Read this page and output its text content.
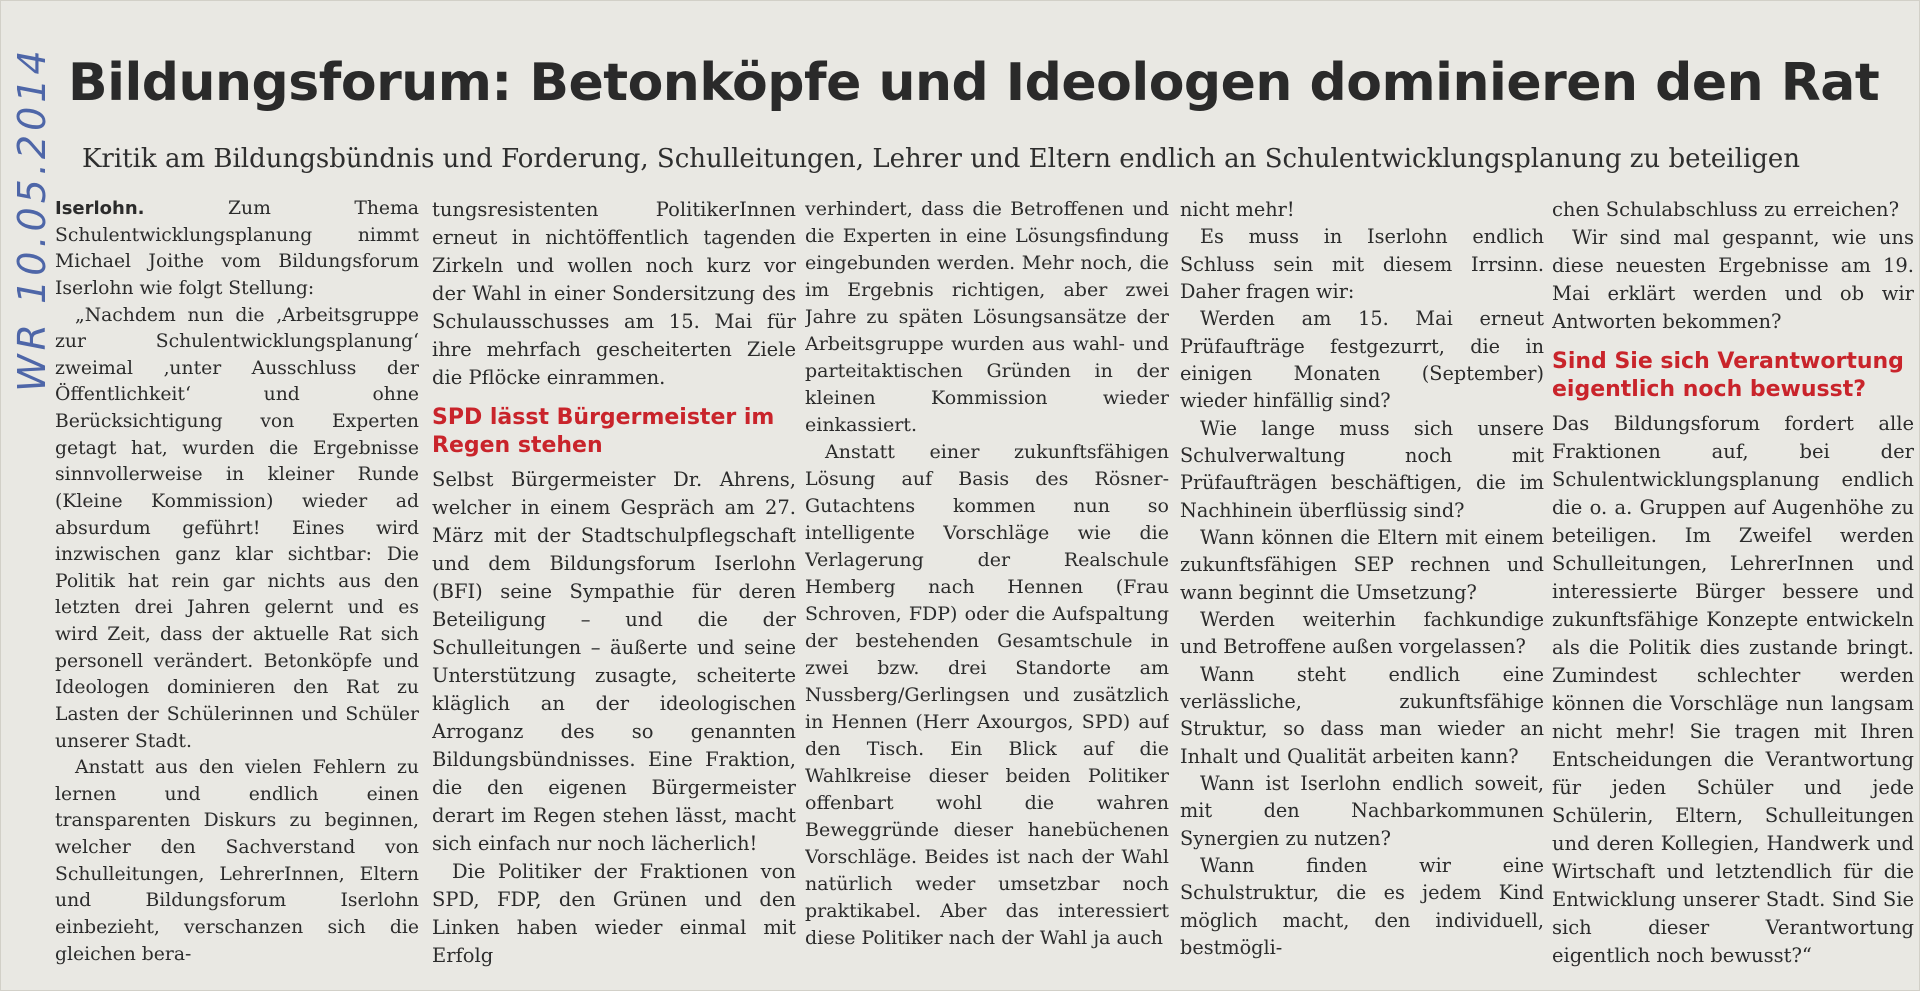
WR 10.05.2014 Bildungsforum: Betonköpfe und Ideologen dominieren den Rat
Kritik am Bildungsbündnis und Forderung, Schulleitungen, Lehrer und Eltern endlich an Schulentwicklungsplanung zu beteiligen

Iserlohn.	Zum Thema Schulentwicklungsplanung nimmt Michael Joithe vom Bildungsforum Iserlohn wie folgt Stellung:

„Nachdem nun die ‚Arbeitsgruppe zur Schulentwicklungsplanung‘ zweimal ‚unter Ausschluss der Öffentlichkeit‘ und ohne Berücksichtigung von Experten getagt hat, wurden die Ergebnisse sinnvollerweise in kleiner Runde (Kleine Kommission) wieder ad absurdum geführt! Eines wird inzwischen ganz klar sichtbar: Die Politik hat rein gar nichts aus den letzten drei Jahren gelernt und es wird Zeit, dass der aktuelle Rat sich personell verändert. Betonköpfe und Ideologen dominieren den Rat zu Lasten der Schülerinnen und Schüler unserer Stadt.

Anstatt aus den vielen Fehlern zu lernen und endlich einen transparenten Diskurs zu beginnen, welcher den Sachverstand von Schulleitungen, LehrerInnen, Eltern und Bildungsforum Iserlohn einbezieht, verschanzen sich die gleichen bera-

tungsresistenten PolitikerInnen erneut in nichtöffentlich tagenden Zirkeln und wollen noch kurz vor der Wahl in einer Sondersitzung des Schulausschusses am 15. Mai für ihre mehrfach gescheiterten Ziele die Pflöcke einrammen.

SPD lässt Bürgermeister im Regen stehen

Selbst Bürgermeister Dr. Ahrens, welcher in einem Gespräch am 27. März mit der Stadtschulpflegschaft und dem Bildungsforum Iserlohn (BFI) seine Sympathie für deren Beteiligung – und die der Schulleitungen – äußerte und seine Unterstützung zusagte, scheiterte kläglich an der ideologischen Arroganz des so genannten Bildungsbündnisses. Eine Fraktion, die den eigenen Bürgermeister derart im Regen stehen lässt, macht sich einfach nur noch lächerlich!

Die Politiker der Fraktionen von SPD, FDP, den Grünen und den Linken haben wieder einmal mit Erfolg

verhindert, dass die Betroffenen und die Experten in eine Lösungsfindung eingebunden werden. Mehr noch, die im Ergebnis richtigen, aber zwei Jahre zu späten Lösungsansätze der Arbeitsgruppe wurden aus wahl- und parteitaktischen Gründen in der kleinen Kommission wieder einkassiert.

Anstatt einer zukunftsfähigen Lösung auf Basis des Rösner-Gutachtens kommen nun so intelligente Vorschläge wie die Verlagerung der Realschule Hemberg nach Hennen (Frau Schroven, FDP) oder die Aufspaltung der bestehenden Gesamtschule in zwei bzw. drei Standorte am Nussberg/Gerlingsen und zusätzlich in Hennen (Herr Axourgos, SPD) auf den Tisch. Ein Blick auf die Wahlkreise dieser beiden Politiker offenbart wohl die wahren Beweggründe dieser hanebüchenen Vorschläge. Beides ist nach der Wahl natürlich weder umsetzbar noch praktikabel. Aber das interessiert diese Politiker nach der Wahl ja auch

nicht mehr!

Es muss in Iserlohn endlich Schluss sein mit diesem Irrsinn. Daher fragen wir:

Werden am 15. Mai erneut Prüfaufträge festgezurrt, die in einigen Monaten (September) wieder hinfällig sind?

Wie lange muss sich unsere Schulverwaltung noch mit Prüfaufträgen beschäftigen, die im Nachhinein überflüssig sind?

Wann können die Eltern mit einem zukunftsfähigen SEP rechnen und wann beginnt die Umsetzung?

Werden weiterhin fachkundige und Betroffene außen vorgelassen?

Wann steht endlich eine verlässliche, zukunftsfähige Struktur, so dass man wieder an Inhalt und Qualität arbeiten kann?

Wann ist Iserlohn endlich soweit, mit den Nachbarkommunen Synergien zu nutzen?

Wann finden wir eine Schulstruktur, die es jedem Kind möglich macht, den individuell, bestmögli-

chen Schulabschluss zu erreichen?

Wir sind mal gespannt, wie uns diese neuesten Ergebnisse am 19. Mai erklärt werden und ob wir Antworten bekommen?

Sind Sie sich Verantwortung eigentlich noch bewusst?

Das Bildungsforum fordert alle Fraktionen auf, bei der Schulentwicklungsplanung endlich die o. a. Gruppen auf Augenhöhe zu beteiligen. Im Zweifel werden Schulleitungen, LehrerInnen und interessierte Bürger bessere und zukunftsfähige Konzepte entwickeln als die Politik dies zustande bringt. Zumindest schlechter werden können die Vorschläge nun langsam nicht mehr! Sie tragen mit Ihren Entscheidungen die Verantwortung für jeden Schüler und jede Schülerin, Eltern, Schulleitungen und deren Kollegien, Handwerk und Wirtschaft und letztendlich für die Entwicklung unserer Stadt. Sind Sie sich dieser Verantwortung eigentlich noch bewusst?“
